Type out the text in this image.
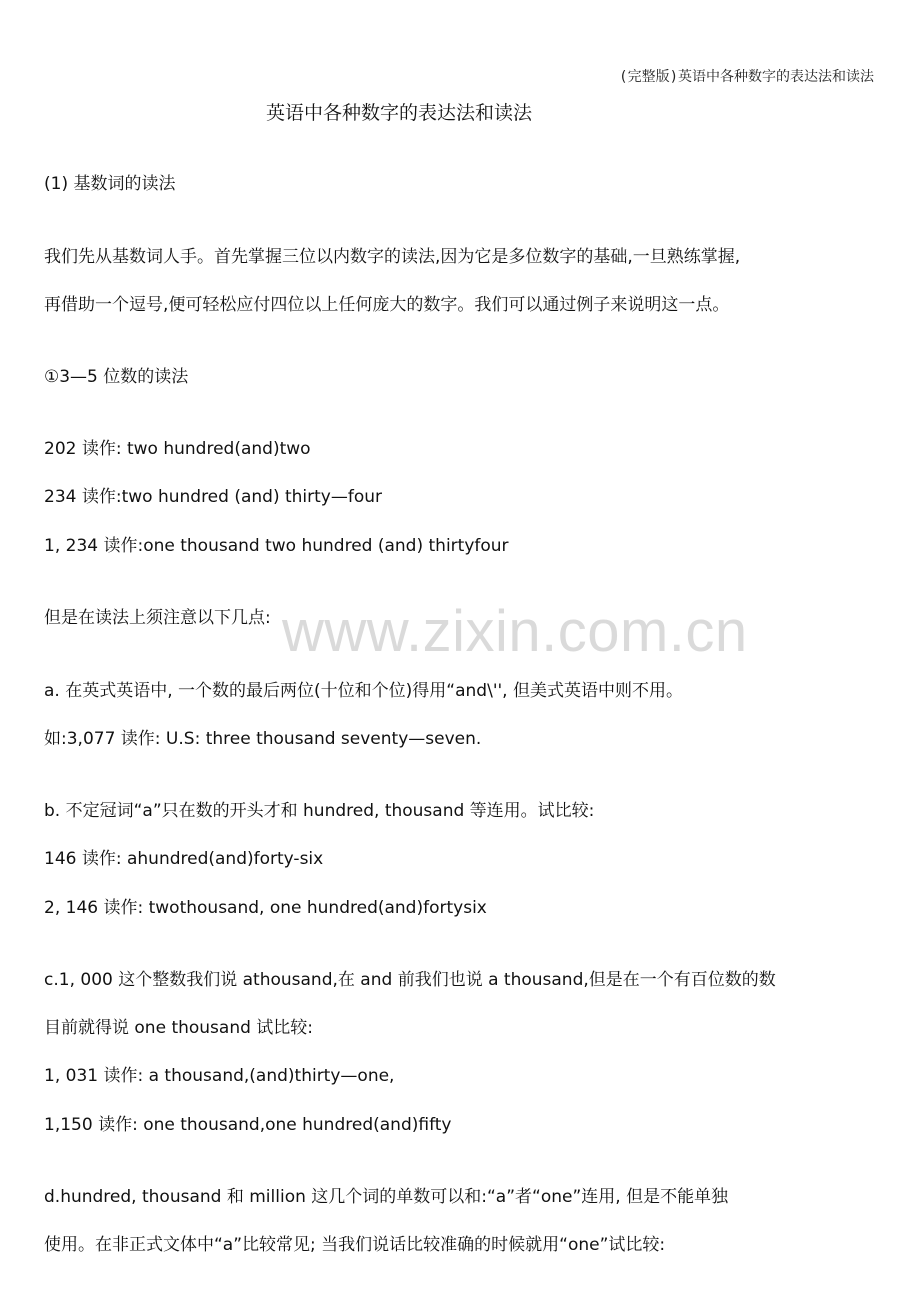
(完整版)英语中各种数字的表达法和读法
英语中各种数字的表达法和读法
(1) 基数词的读法
我们先从基数词人手。首先掌握三位以内数字的读法,因为它是多位数字的基础,一旦熟练掌握,
再借助一个逗号,便可轻松应付四位以上任何庞大的数字。我们可以通过例子来说明这一点。
①3—5 位数的读法
202 读作: two hundred(and)two
234 读作:two hundred (and) thirty—four
1, 234 读作:one thousand two hundred (and) thirtyfour
但是在读法上须注意以下几点:
a. 在英式英语中, 一个数的最后两位(十位和个位)得用“and\'', 但美式英语中则不用。
如:3,077 读作: U.S: three thousand seventy—seven.
b. 不定冠词“a”只在数的开头才和 hundred, thousand 等连用。试比较:
146 读作: ahundred(and)forty-six
2, 146 读作: twothousand, one hundred(and)fortysix
c.1, 000 这个整数我们说 athousand,在 and 前我们也说 a thousand,但是在一个有百位数的数
目前就得说 one thousand 试比较:
1, 031 读作: a thousand,(and)thirty—one,
1,150 读作: one thousand,one hundred(and)fifty
d.hundred, thousand 和 million 这几个词的单数可以和:“a”者“one”连用, 但是不能单独
使用。在非正式文体中“a”比较常见; 当我们说话比较准确的时候就用“one”试比较:
www.zixin.com.cn
